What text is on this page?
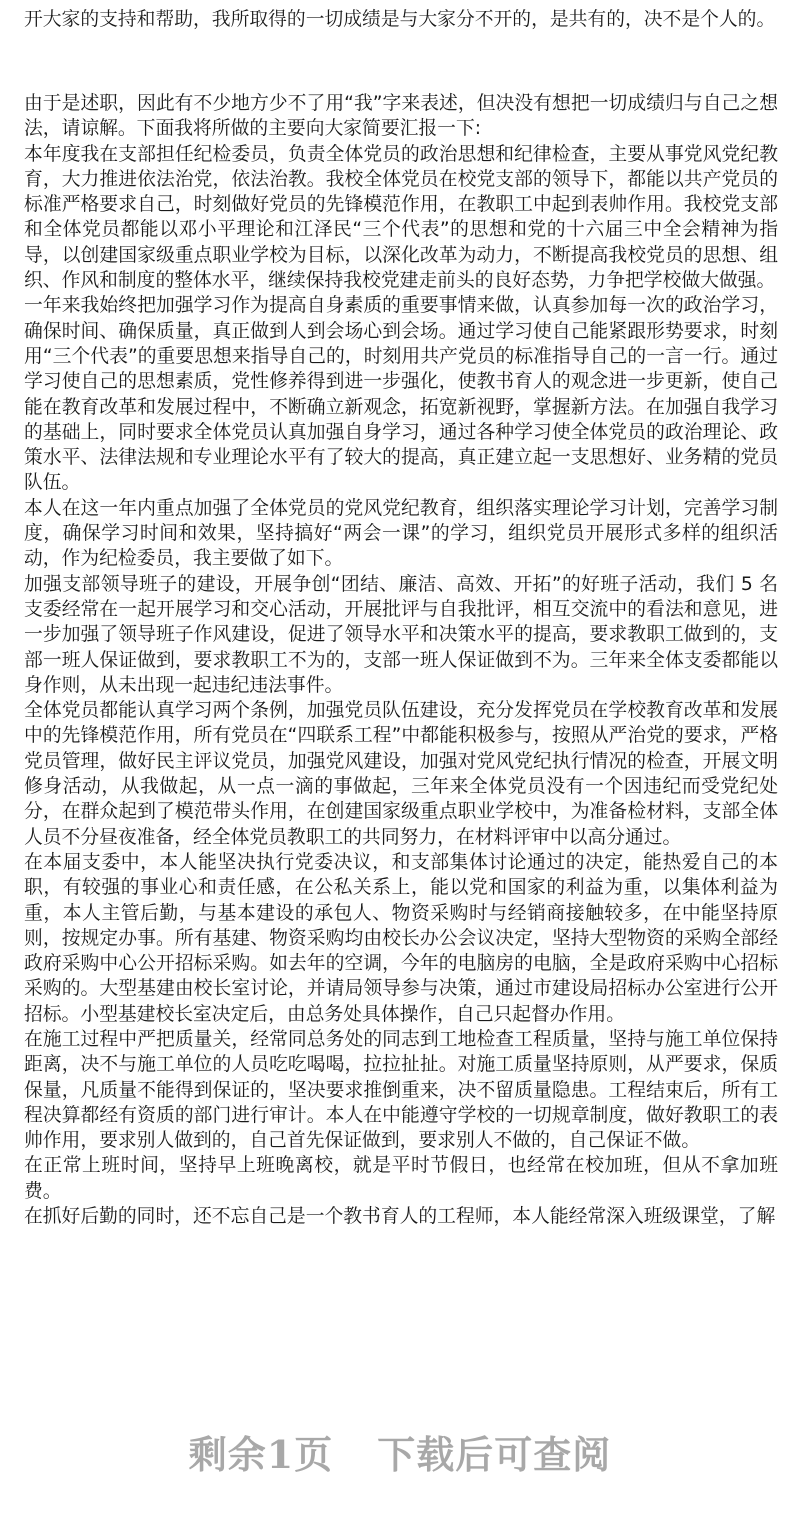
开大家的支持和帮助，我所取得的一切成绩是与大家分不开的，是共有的，决不是个人的。

由于是述职，因此有不少地方少不了用“我”字来表述，但决没有想把一切成绩归与自己之想法，请谅解。下面我将所做的主要向大家简要汇报一下:

本年度我在支部担任纪检委员，负责全体党员的政治思想和纪律检查，主要从事党风党纪教育，大力推进依法治党，依法治教。我校全体党员在校党支部的领导下，都能以共产党员的标准严格要求自己，时刻做好党员的先锋模范作用，在教职工中起到表帅作用。我校党支部和全体党员都能以邓小平理论和江泽民“三个代表”的思想和党的十六届三中全会精神为指导，以创建国家级重点职业学校为目标，以深化改革为动力，不断提高我校党员的思想、组织、作风和制度的整体水平，继续保持我校党建走前头的良好态势，力争把学校做大做强。

一年来我始终把加强学习作为提高自身素质的重要事情来做，认真参加每一次的政治学习，确保时间、确保质量，真正做到人到会场心到会场。通过学习使自己能紧跟形势要求，时刻用“三个代表”的重要思想来指导自己的，时刻用共产党员的标准指导自己的一言一行。通过学习使自己的思想素质，党性修养得到进一步强化，使教书育人的观念进一步更新，使自己能在教育改革和发展过程中，不断确立新观念，拓宽新视野，掌握新方法。在加强自我学习的基础上，同时要求全体党员认真加强自身学习，通过各种学习使全体党员的政治理论、政策水平、法律法规和专业理论水平有了较大的提高，真正建立起一支思想好、业务精的党员队伍。

本人在这一年内重点加强了全体党员的党风党纪教育，组织落实理论学习计划，完善学习制度，确保学习时间和效果，坚持搞好“两会一课”的学习，组织党员开展形式多样的组织活动，作为纪检委员，我主要做了如下。

加强支部领导班子的建设，开展争创“团结、廉洁、高效、开拓”的好班子活动，我们 5 名支委经常在一起开展学习和交心活动，开展批评与自我批评，相互交流中的看法和意见，进一步加强了领导班子作风建设，促进了领导水平和决策水平的提高，要求教职工做到的，支部一班人保证做到，要求教职工不为的，支部一班人保证做到不为。三年来全体支委都能以身作则，从未出现一起违纪违法事件。

全体党员都能认真学习两个条例，加强党员队伍建设，充分发挥党员在学校教育改革和发展中的先锋模范作用，所有党员在“四联系工程”中都能积极参与，按照从严治党的要求，严格党员管理，做好民主评议党员，加强党风建设，加强对党风党纪执行情况的检查，开展文明修身活动，从我做起，从一点一滴的事做起，三年来全体党员没有一个因违纪而受党纪处分，在群众起到了模范带头作用，在创建国家级重点职业学校中，为准备检材料，支部全体人员不分昼夜准备，经全体党员教职工的共同努力，在材料评审中以高分通过。

在本届支委中，本人能坚决执行党委决议，和支部集体讨论通过的决定，能热爱自己的本职，有较强的事业心和责任感，在公私关系上，能以党和国家的利益为重，以集体利益为重，本人主管后勤，与基本建设的承包人、物资采购时与经销商接触较多，在中能坚持原则，按规定办事。所有基建、物资采购均由校长办公会议决定，坚持大型物资的采购全部经政府采购中心公开招标采购。如去年的空调，今年的电脑房的电脑，全是政府采购中心招标采购的。大型基建由校长室讨论，并请局领导参与决策，通过市建设局招标办公室进行公开招标。小型基建校长室决定后，由总务处具体操作，自己只起督办作用。

在施工过程中严把质量关，经常同总务处的同志到工地检查工程质量，坚持与施工单位保持距离，决不与施工单位的人员吃吃喝喝，拉拉扯扯。对施工质量坚持原则，从严要求，保质保量，凡质量不能得到保证的，坚决要求推倒重来，决不留质量隐患。工程结束后，所有工程决算都经有资质的部门进行审计。本人在中能遵守学校的一切规章制度，做好教职工的表帅作用，要求别人做到的，自己首先保证做到，要求别人不做的，自己保证不做。

在正常上班时间，坚持早上班晚离校，就是平时节假日，也经常在校加班，但从不拿加班费。

在抓好后勤的同时，还不忘自己是一个教书育人的工程师，本人能经常深入班级课堂，了解

剩余1页 下载后可查阅
